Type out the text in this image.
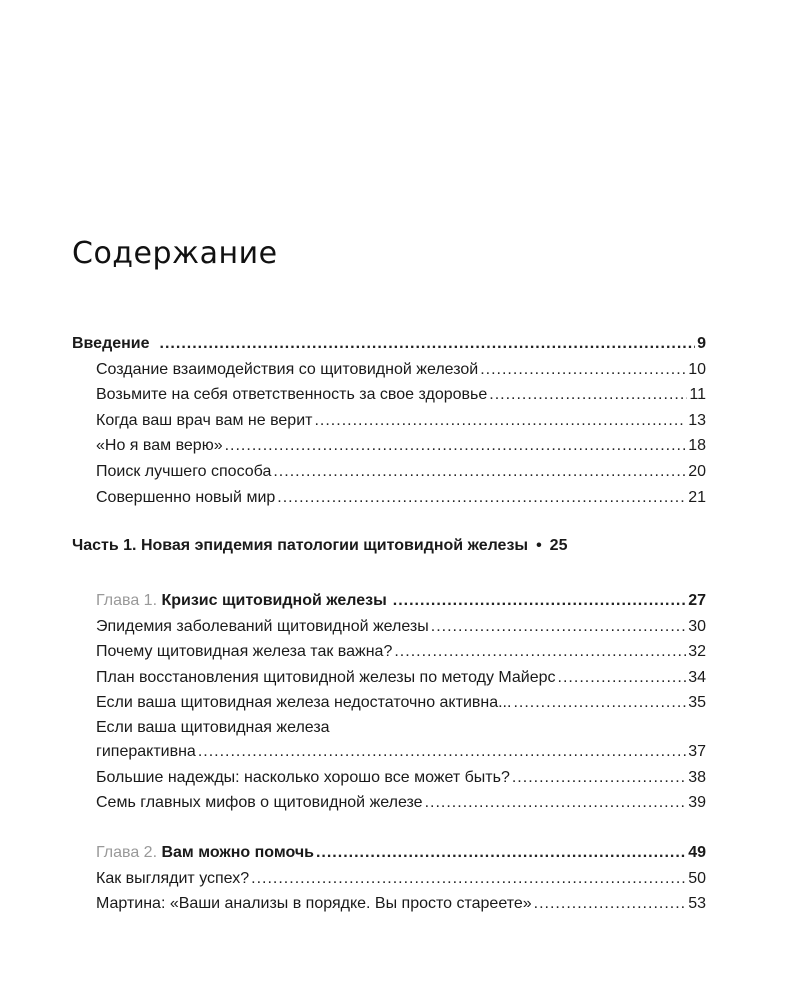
Содержание
Введение .....	9
Создание взаимодействия со щитовидной железой .....	10
Возьмите на себя ответственность за свое здоровье .....	11
Когда ваш врач вам не верит .....	13
«Но я вам верю» .....	18
Поиск лучшего способа .....	20
Совершенно новый мир .....	21
Часть 1. Новая эпидемия патологии щитовидной железы • 25
Глава 1. Кризис щитовидной железы .....	27
Эпидемия заболеваний щитовидной железы .....	30
Почему щитовидная железа так важна? .....	32
План восстановления щитовидной железы по методу Майерс .....	34
Если ваша щитовидная железа недостаточно активна... .....	35
Если ваша щитовидная железа
гиперактивна .....	37
Большие надежды: насколько хорошо все может быть? .....	38
Семь главных мифов о щитовидной железе .....	39
Глава 2. Вам можно помочь .....	49
Как выглядит успех? .....	50
Мартина: «Ваши анализы в порядке. Вы просто стареете» .....	53
